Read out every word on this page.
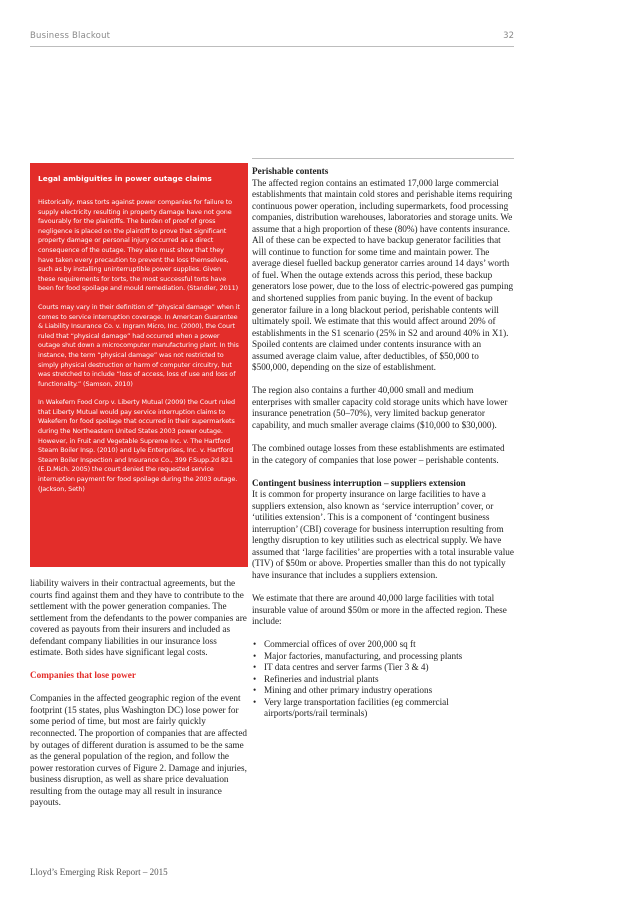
Business Blackout	32
Legal ambiguities in power outage claims

Historically, mass torts against power companies for failure to supply electricity resulting in property damage have not gone favourably for the plaintiffs. The burden of proof of gross negligence is placed on the plaintiff to prove that significant property damage or personal injury occurred as a direct consequence of the outage. They also must show that they have taken every precaution to prevent the loss themselves, such as by installing uninterruptible power supplies. Given these requirements for torts, the most successful torts have been for food spoilage and mould remediation. (Standler, 2011)

Courts may vary in their definition of “physical damage” when it comes to service interruption coverage. In American Guarantee & Liability Insurance Co. v. Ingram Micro, Inc. (2000), the Court ruled that “physical damage” had occurred when a power outage shut down a microcomputer manufacturing plant. In this instance, the term “physical damage” was not restricted to simply physical destruction or harm of computer circuitry, but was stretched to include “loss of access, loss of use and loss of functionality.” (Samson, 2010)

In Wakefern Food Corp v. Liberty Mutual (2009) the Court ruled that Liberty Mutual would pay service interruption claims to Wakefern for food spoilage that occurred in their supermarkets during the Northeastern United States 2003 power outage. However, in Fruit and Vegetable Supreme Inc. v. The Hartford Steam Boiler Insp. (2010) and Lyle Enterprises, Inc. v. Hartford Steam Boiler Inspection and Insurance Co., 399 F.Supp.2d 821 (E.D.Mich. 2005) the court denied the requested service interruption payment for food spoilage during the 2003 outage. (Jackson, Seth)

liability waivers in their contractual agreements, but the courts find against them and they have to contribute to the settlement with the power generation companies. The settlement from the defendants to the power companies are covered as payouts from their insurers and included as defendant company liabilities in our insurance loss estimate. Both sides have significant legal costs.

Companies that lose power

Companies in the affected geographic region of the event footprint (15 states, plus Washington DC) lose power for some period of time, but most are fairly quickly reconnected. The proportion of companies that are affected by outages of different duration is assumed to be the same as the general population of the region, and follow the power restoration curves of Figure 2. Damage and injuries, business disruption, as well as share price devaluation resulting from the outage may all result in insurance payouts.

Perishable contents

The affected region contains an estimated 17,000 large commercial establishments that maintain cold stores and perishable items requiring continuous power operation, including supermarkets, food processing companies, distribution warehouses, laboratories and storage units. We assume that a high proportion of these (80%) have contents insurance. All of these can be expected to have backup generator facilities that will continue to function for some time and maintain power. The average diesel fuelled backup generator carries around 14 days’ worth of fuel. When the outage extends across this period, these backup generators lose power, due to the loss of electric-powered gas pumping and shortened supplies from panic buying. In the event of backup generator failure in a long blackout period, perishable contents will ultimately spoil. We estimate that this would affect around 20% of establishments in the S1 scenario (25% in S2 and around 40% in X1). Spoiled contents are claimed under contents insurance with an assumed average claim value, after deductibles, of $50,000 to $500,000, depending on the size of establishment.

The region also contains a further 40,000 small and medium enterprises with smaller capacity cold storage units which have lower insurance penetration (50–70%), very limited backup generator capability, and much smaller average claims ($10,000 to $30,000).

The combined outage losses from these establishments are estimated in the category of companies that lose power – perishable contents.

Contingent business interruption – suppliers extension

It is common for property insurance on large facilities to have a suppliers extension, also known as ‘service interruption’ cover, or ‘utilities extension’. This is a component of ‘contingent business interruption’ (CBI) coverage for business interruption resulting from lengthy disruption to key utilities such as electrical supply. We have assumed that ‘large facilities’ are properties with a total insurable value (TIV) of $50m or above. Properties smaller than this do not typically have insurance that includes a suppliers extension.

We estimate that there are around 40,000 large facilities with total insurable value of around $50m or more in the affected region. These include:

• Commercial offices of over 200,000 sq ft
• Major factories, manufacturing, and processing plants
• IT data centres and server farms (Tier 3 & 4)
• Refineries and industrial plants
• Mining and other primary industry operations
• Very large transportation facilities (eg commercial airports/ports/rail terminals)
Lloyd’s Emerging Risk Report – 2015
